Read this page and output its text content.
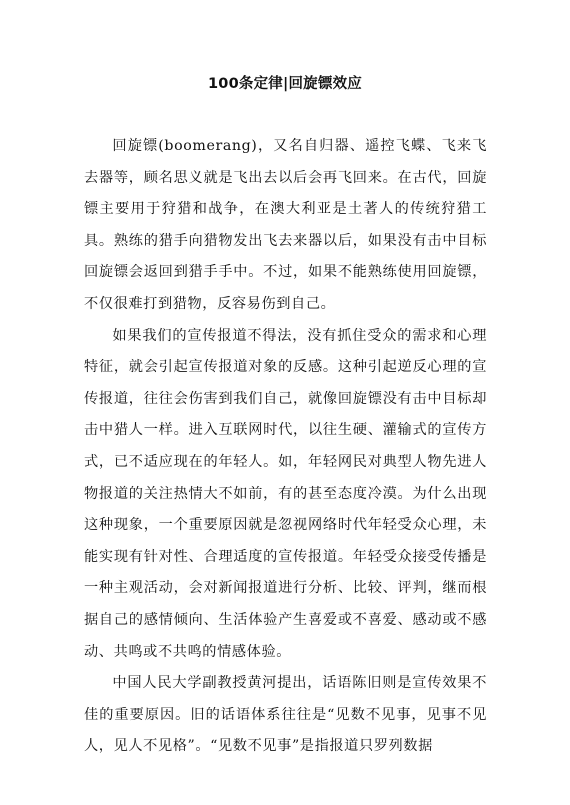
100条定律|回旋镖效应

回旋镖(boomerang)，又名自归器、遥控飞蝶、飞来飞去器等，顾名思义就是飞出去以后会再飞回来。在古代，回旋镖主要用于狩猎和战争，在澳大利亚是土著人的传统狩猎工具。熟练的猎手向猎物发出飞去来器以后，如果没有击中目标回旋镖会返回到猎手手中。不过，如果不能熟练使用回旋镖，不仅很难打到猎物，反容易伤到自己。

如果我们的宣传报道不得法，没有抓住受众的需求和心理特征，就会引起宣传报道对象的反感。这种引起逆反心理的宣传报道，往往会伤害到我们自己，就像回旋镖没有击中目标却击中猎人一样。进入互联网时代，以往生硬、灌输式的宣传方式，已不适应现在的年轻人。如，年轻网民对典型人物先进人物报道的关注热情大不如前，有的甚至态度冷漠。为什么出现这种现象，一个重要原因就是忽视网络时代年轻受众心理，未能实现有针对性、合理适度的宣传报道。年轻受众接受传播是一种主观活动，会对新闻报道进行分析、比较、评判，继而根据自己的感情倾向、生活体验产生喜爱或不喜爱、感动或不感动、共鸣或不共鸣的情感体验。

中国人民大学副教授黄河提出，话语陈旧则是宣传效果不佳的重要原因。旧的话语体系往往是“见数不见事，见事不见人，见人不见格”。“见数不见事”是指报道只罗列数据
